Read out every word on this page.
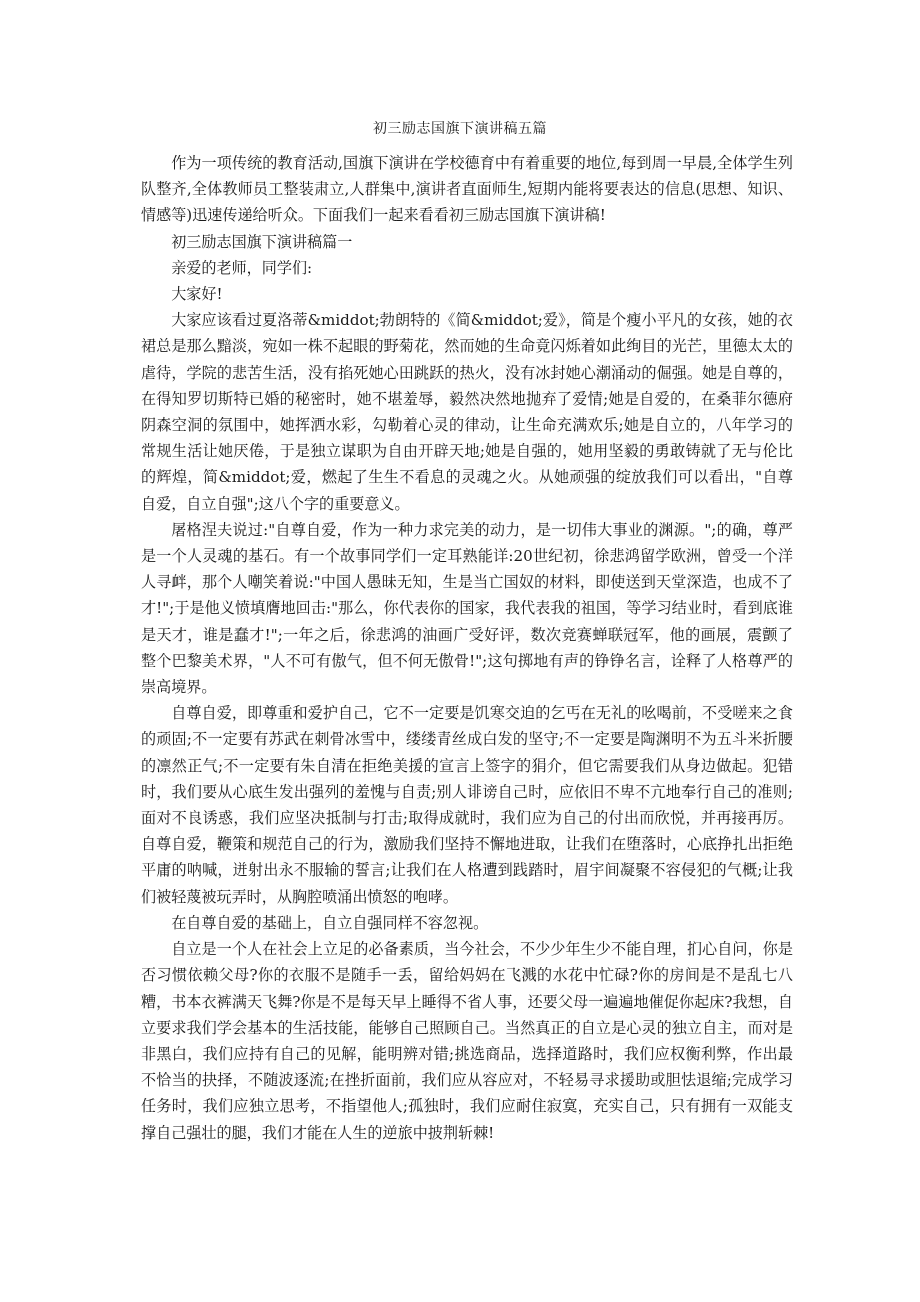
初三励志国旗下演讲稿五篇

作为一项传统的教育活动,国旗下演讲在学校德育中有着重要的地位,每到周一早晨,全体学生列队整齐,全体教师员工整装肃立,人群集中,演讲者直面师生,短期内能将要表达的信息(思想、知识、情感等)迅速传递给听众。下面我们一起来看看初三励志国旗下演讲稿!

初三励志国旗下演讲稿篇一

亲爱的老师，同学们:

大家好!

大家应该看过夏洛蒂&middot;勃朗特的《简&middot;爱》，简是个瘦小平凡的女孩，她的衣裙总是那么黯淡，宛如一株不起眼的野菊花，然而她的生命竟闪烁着如此绚目的光芒，里德太太的虐待，学院的悲苦生活，没有掐死她心田跳跃的热火，没有冰封她心潮涌动的倔强。她是自尊的，在得知罗切斯特已婚的秘密时，她不堪羞辱，毅然决然地抛弃了爱情;她是自爱的，在桑菲尔德府阴森空洞的氛围中，她挥洒水彩，勾勒着心灵的律动，让生命充满欢乐;她是自立的，八年学习的常规生活让她厌倦，于是独立谋职为自由开辟天地;她是自强的，她用坚毅的勇敢铸就了无与伦比的辉煌，简&middot;爱，燃起了生生不看息的灵魂之火。从她顽强的绽放我们可以看出，"自尊自爱，自立自强";这八个字的重要意义。

屠格涅夫说过:"自尊自爱，作为一种力求完美的动力，是一切伟大事业的渊源。";的确，尊严是一个人灵魂的基石。有一个故事同学们一定耳熟能详:20世纪初，徐悲鸿留学欧洲，曾受一个洋人寻衅，那个人嘲笑着说:"中国人愚昧无知，生是当亡国奴的材料，即使送到天堂深造，也成不了才!";于是他义愤填膺地回击:"那么，你代表你的国家，我代表我的祖国，等学习结业时，看到底谁是天才，谁是蠢才!";一年之后，徐悲鸿的油画广受好评，数次竞赛蝉联冠军，他的画展，震颤了整个巴黎美术界，"人不可有傲气，但不何无傲骨!";这句掷地有声的铮铮名言，诠释了人格尊严的崇高境界。

自尊自爱，即尊重和爱护自己，它不一定要是饥寒交迫的乞丐在无礼的吆喝前，不受嗟来之食的顽固;不一定要有苏武在刺骨冰雪中，缕缕青丝成白发的坚守;不一定要是陶渊明不为五斗米折腰的凛然正气;不一定要有朱自清在拒绝美援的宣言上签字的狷介，但它需要我们从身边做起。犯错时，我们要从心底生发出强列的羞愧与自责;别人诽谤自己时，应依旧不卑不亢地奉行自己的准则;面对不良诱惑，我们应坚决抵制与打击;取得成就时，我们应为自己的付出而欣悦，并再接再厉。自尊自爱，鞭策和规范自己的行为，激励我们坚持不懈地进取，让我们在堕落时，心底挣扎出拒绝平庸的呐喊，迸射出永不服输的誓言;让我们在人格遭到践踏时，眉宇间凝聚不容侵犯的气概;让我们被轻蔑被玩弄时，从胸腔喷涌出愤怒的咆哮。

在自尊自爱的基础上，自立自强同样不容忽视。

自立是一个人在社会上立足的必备素质，当今社会，不少少年生少不能自理，扪心自问，你是否习惯依赖父母?你的衣服不是随手一丢，留给妈妈在飞溅的水花中忙碌?你的房间是不是乱七八糟，书本衣裤满天飞舞?你是不是每天早上睡得不省人事，还要父母一遍遍地催促你起床?我想，自立要求我们学会基本的生活技能，能够自己照顾自己。当然真正的自立是心灵的独立自主，而对是非黑白，我们应持有自己的见解，能明辨对错;挑选商品，选择道路时，我们应权衡利弊，作出最不恰当的抉择，不随波逐流;在挫折面前，我们应从容应对，不轻易寻求援助或胆怯退缩;完成学习任务时，我们应独立思考，不指望他人;孤独时，我们应耐住寂寞，充实自己，只有拥有一双能支撑自己强壮的腿，我们才能在人生的逆旅中披荆斩棘!
